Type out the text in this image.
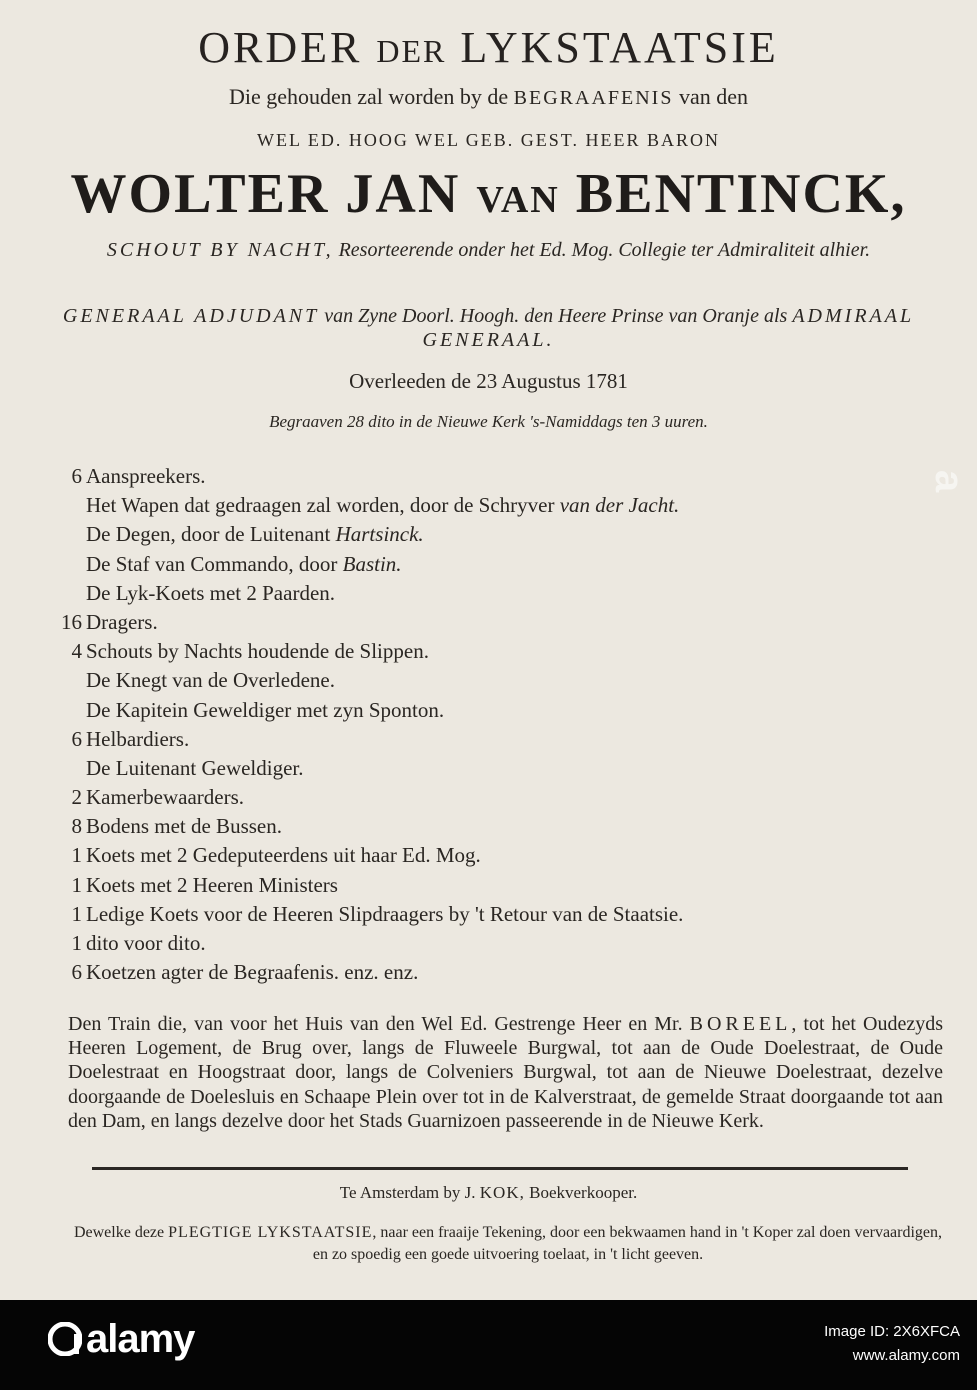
ORDER DER LYKSTAATSIE
Die gehouden zal worden by de BEGRAAFENIS van den
WEL ED. HOOG WEL GEB. GEST. HEER BARON
WOLTER JAN VAN BENTINCK,
SCHOUT BY NACHT, Resorteerende onder het Ed. Mog. Collegie ter Admiraliteit alhier.
GENERAAL ADJUDANT van Zyne Doorl. Hoogh. den Heere Prinse van Oranje als ADMIRAAL GENERAAL.
Overleeden de 23 Augustus 1781
Begraaven 28 dito in de Nieuwe Kerk 's-Namiddags ten 3 uuren.
6 Aanspreekers.
Het Wapen dat gedraagen zal worden, door de Schryver van der Jacht.
De Degen, door de Luitenant Hartsinck.
De Staf van Commando, door Bastin.
De Lyk-Koets met 2 Paarden.
16 Dragers.
4 Schouts by Nachts houdende de Slippen.
De Knegt van de Overledene.
De Kapitein Geweldiger met zyn Sponton.
6 Helbardiers.
De Luitenant Geweldiger.
2 Kamerbewaarders.
8 Bodens met de Bussen.
1 Koets met 2 Gedeputeerdens uit haar Ed. Mog.
1 Koets met 2 Heeren Ministers
1 Ledige Koets voor de Heeren Slipdraagers by 't Retour van de Staatsie.
1 dito voor dito.
6 Koetzen agter de Begraafenis. enz. enz.
Den Train die, van voor het Huis van den Wel Ed. Gestrenge Heer en Mr. BOREEL, tot het Oudezyds Heeren Logement, de Brug over, langs de Fluweele Burgwal, tot aan de Oude Doelestraat, de Oude Doelestraat en Hoogstraat door, langs de Colveniers Burgwal, tot aan de Nieuwe Doelestraat, dezelve doorgaande de Doelesluis en Schaape Plein over tot in de Kalverstraat, de gemelde Straat doorgaande tot aan den Dam, en langs dezelve door het Stads Guarnizoen passeerende in de Nieuwe Kerk.
Te Amsterdam by J. KOK, Boekverkooper.
Dewelke deze PLEGTIGE LYKSTAATSIE, naar een fraaije Tekening, door een bekwaamen hand in 't Koper zal doen vervaardigen, en zo spoedig een goede uitvoering toelaat, in 't licht geeven.
a
alamy	Image ID: 2X6XFCA
www.alamy.com
